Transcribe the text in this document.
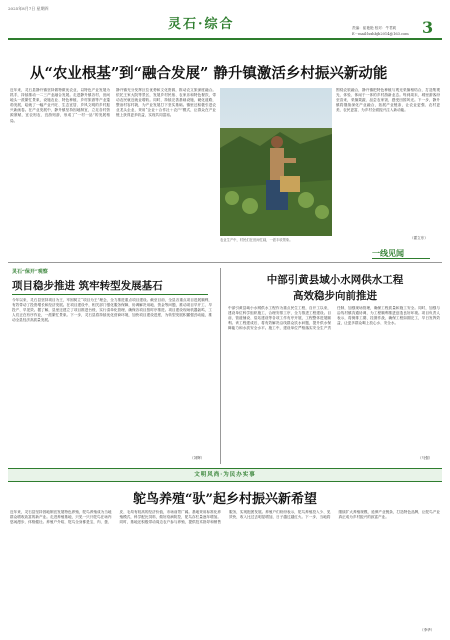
2025年8月7日 星期四
灵石·综合	责编：崔艳艳 校对：牛君莉
E－mail:lsxhbjb2014@163.com 3
从“农业根基”到“融合发展” 静升镇激活乡村振兴新动能
近年来，灵石县静升镇坚持做特做优农业，以特色产业发展为抓手，持续推动一二三产业融合发展。走进静升镇各村，田间地头一派繁忙景象，设施农业、特色种植、乡村旅游等产业蓬勃发展，绘就了一幅产业兴旺、生态宜居、乡风文明的乡村振兴新画卷。在产业发展中，静升镇坚持因地制宜，立足各村资源禀赋，宜农则农、宜游则游，形成了“一村一品”的发展格局。
静升镇充分发挥区位优势和文化资源，推动农文旅深度融合。依托王家大院等景区，发展乡村民宿、农家乐和特色餐饮，带动农民就近就业增收。同时，持续完善基础设施，硬化道路，整治村容村貌，为产业发展打下坚实基础。镇里还积极引进农业龙头企业，采用“企业＋合作社＋农户”模式，让群众在产业链上获得更多收益，实现共同富裕。
围绕农旅融合，静升镇把特色种植与观光采摘相结合，打造集观光、体验、休闲于一体的乡村游新业态。每到周末，城里游客纷至沓来，采摘果蔬、品尝农家饭，感受田园风光。下一步，静升镇将继续深化产业融合，拓展产业链条，让农业更强、农村更美、农民更富，为乡村全面振兴注入新动能。
（霍立东）
农业生产中，村民们在田间忙碌，一派丰收景象。
一线见闻
灵石“保开”观察
项目稳步推进 筑牢转型发展基石
今年以来，灵石县坚持项目为王，牢固树立“项目为王”理念，全力推进重点项目建设。截至目前，全县各重点项目进展顺利，有效带动了投资增长和经济发展。在项目建设中，相关部门强化服务保障，协调解决用地、资金等问题，推动项目早开工、早投产、早见效。据了解，县里还建立了项目推进台账，实行清单化管理，确保各项目按时序推进。项目建设现场机器轰鸣，工人们正在有序作业，一派繁忙景象。下一步，灵石县将持续优化营商环境，加快项目建设进度，为转型发展积蓄强劲动能，推动全县经济高质量发展。
（刘辉）
中部引黄县域小水网供水工程
高效稳步向前推进
中部引黄县域小水网供水工程作为重点民生工程，自开工以来，建设单位科学组织施工，合理安排工序，全力推进工程建设。目前，管道铺设、泵站建设等各项工作有序开展，工程整体进展顺利。该工程建成后，将有效解决沿线群众饮水问题，提升供水保障能力和水质安全水平。施工中，建设单位严格落实安全生产责任制，加强现场管理，确保工程质量和施工安全。同时，加强与沿线村镇沟通协调，为工程顺利推进创造良好环境。项目负责人表示，将倒排工期、挂图作战，确保工程如期完工，早日发挥效益，让更多群众喝上放心水、安全水。
（马强）
文明风尚·为民办实事
鸵鸟养殖“驮”起乡村振兴新希望
近年来，灵石县坚持因地制宜发展特色养殖，鸵鸟养殖成为当地群众增收致富的新产业。走进养殖基地，只见一只只鸵鸟在场内悠闲漫步，体格健壮。养殖户介绍，鸵鸟全身都是宝，肉、蛋、皮、毛均有较高的经济价值，市场前景广阔。基地采用标准化养殖模式，科学配比饲料，做好疫病防控，鸵鸟存栏量逐年增加。同时，基地还积极带动周边农户参与养殖，提供技术指导和销售服务，实现抱团发展。养殖户们纷纷表示，鸵鸟养殖投入少、见效快，收入比过去明显增加，日子越过越红火。下一步，当地将继续扩大养殖规模，延伸产业链条，打造特色品牌，让鸵鸟产业真正成为乡村振兴的致富产业。
（李华）
